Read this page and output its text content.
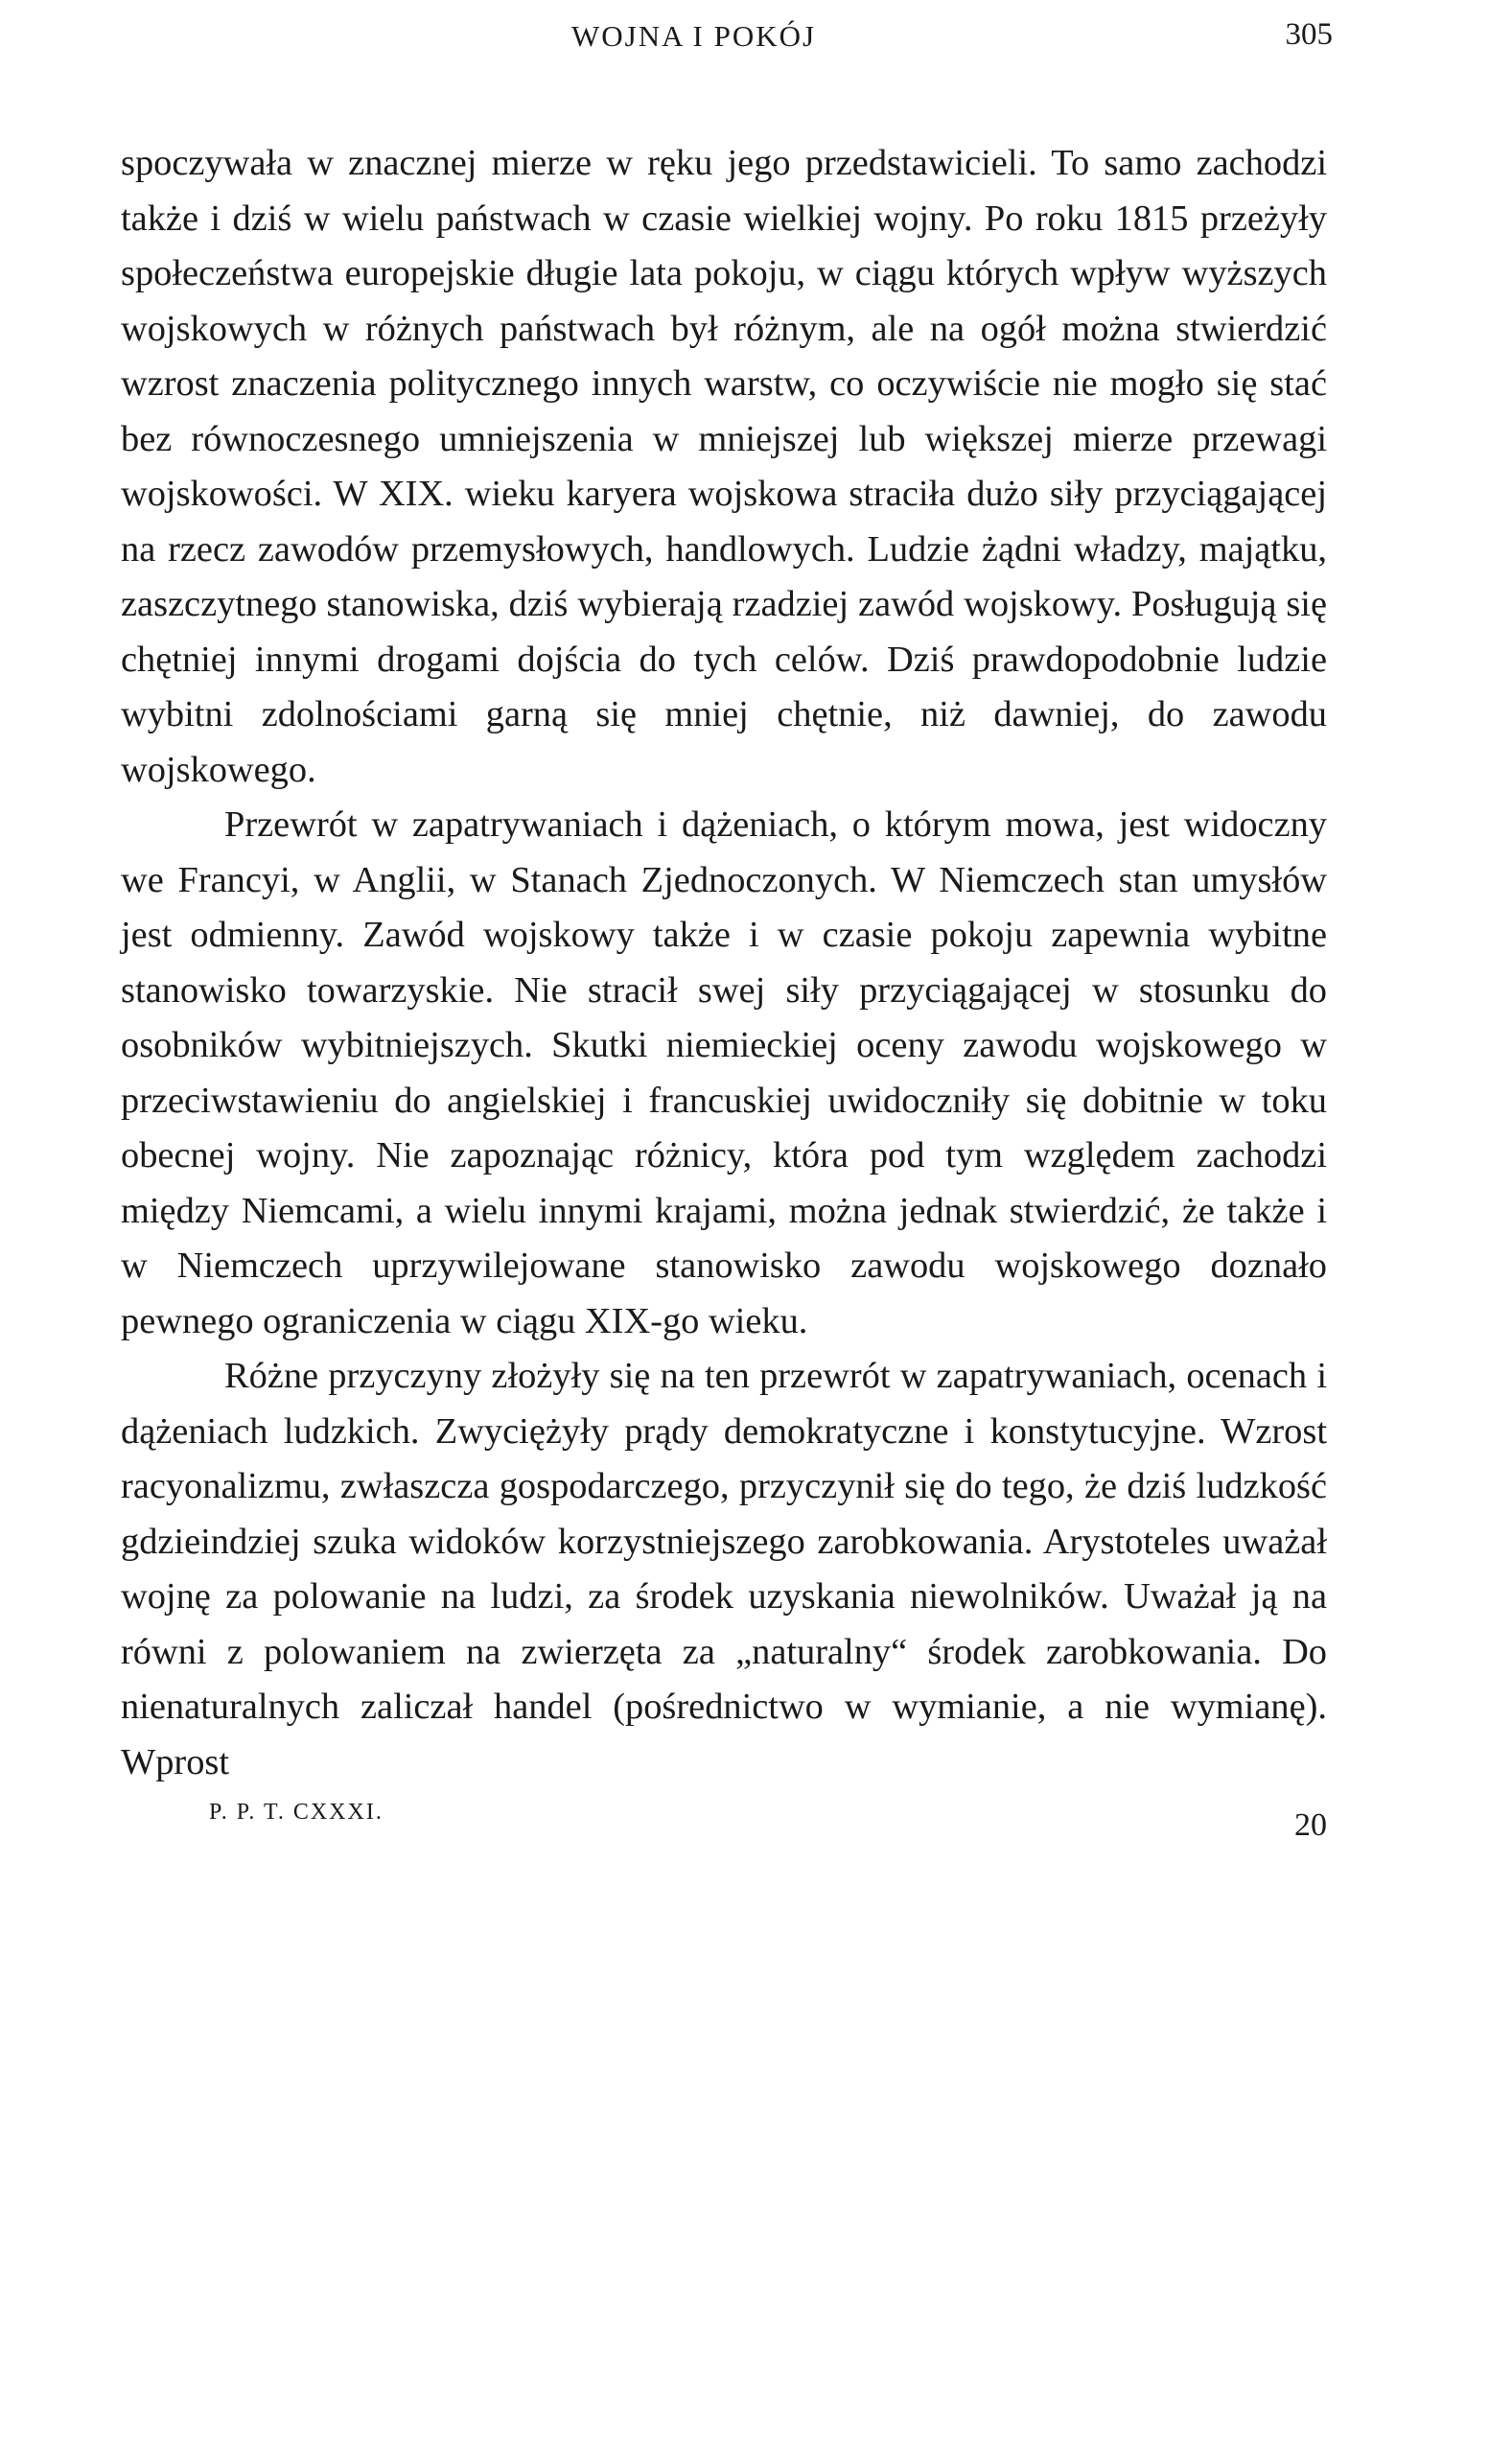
WOJNA I POKÓJ	305

spoczywała w znacznej mierze w ręku jego przedstawicieli. To samo zachodzi także i dziś w wielu państwach w czasie wielkiej wojny. Po roku 1815 przeżyły społeczeństwa europejskie długie lata pokoju, w ciągu których wpływ wyższych wojskowych w różnych państwach był różnym, ale na ogół można stwierdzić wzrost znaczenia politycznego innych warstw, co oczywiście nie mogło się stać bez równoczesnego umniejszenia w mniejszej lub większej mierze przewagi wojskowości. W XIX. wieku karyera wojskowa straciła dużo siły przyciągającej na rzecz zawodów przemysłowych, handlowych. Ludzie żądni władzy, majątku, zaszczytnego stanowiska, dziś wybierają rzadziej zawód wojskowy. Posługują się chętniej innymi drogami dojścia do tych celów. Dziś prawdopodobnie ludzie wybitni zdolnościami garną się mniej chętnie, niż dawniej, do zawodu wojskowego.

Przewrót w zapatrywaniach i dążeniach, o którym mowa, jest widoczny we Francyi, w Anglii, w Stanach Zjednoczonych. W Niemczech stan umysłów jest odmienny. Zawód wojskowy także i w czasie pokoju zapewnia wybitne stanowisko towarzyskie. Nie stracił swej siły przyciągającej w stosunku do osobników wybitniejszych. Skutki niemieckiej oceny zawodu wojskowego w przeciwstawieniu do angielskiej i francuskiej uwidoczniły się dobitnie w toku obecnej wojny. Nie zapoznając różnicy, która pod tym względem zachodzi między Niemcami, a wielu innymi krajami, można jednak stwierdzić, że także i w Niemczech uprzywilejowane stanowisko zawodu wojskowego doznało pewnego ograniczenia w ciągu XIX-go wieku.

Różne przyczyny złożyły się na ten przewrót w zapatrywaniach, ocenach i dążeniach ludzkich. Zwyciężyły prądy demokratyczne i konstytucyjne. Wzrost racyonalizmu, zwłaszcza gospodarczego, przyczynił się do tego, że dziś ludzkość gdzieindziej szuka widoków korzystniejszego zarobkowania. Arystoteles uważał wojnę za polowanie na ludzi, za środek uzyskania niewolników. Uważał ją na równi z polowaniem na zwierzęta za „naturalny“ środek zarobkowania. Do nienaturalnych zaliczał handel (pośrednictwo w wymianie, a nie wymianę). Wprost

P. P. T. CXXXI.	20
